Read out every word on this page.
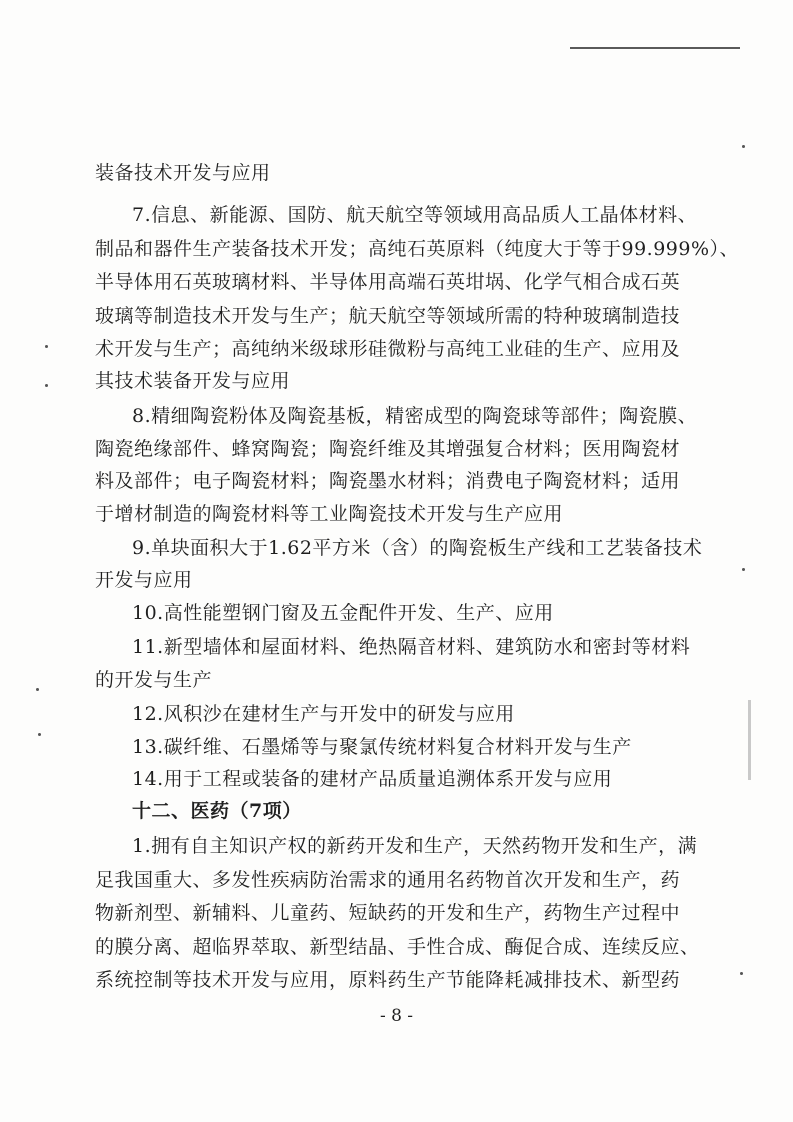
装备技术开发与应用
7.信息、新能源、国防、航天航空等领域用高品质人工晶体材料、
制品和器件生产装备技术开发；高纯石英原料（纯度大于等于99.999%）、
半导体用石英玻璃材料、半导体用高端石英坩埚、化学气相合成石英
玻璃等制造技术开发与生产；航天航空等领域所需的特种玻璃制造技
术开发与生产；高纯纳米级球形硅微粉与高纯工业硅的生产、应用及
其技术装备开发与应用
8.精细陶瓷粉体及陶瓷基板，精密成型的陶瓷球等部件；陶瓷膜、
陶瓷绝缘部件、蜂窝陶瓷；陶瓷纤维及其增强复合材料；医用陶瓷材
料及部件；电子陶瓷材料；陶瓷墨水材料；消费电子陶瓷材料；适用
于增材制造的陶瓷材料等工业陶瓷技术开发与生产应用
9.单块面积大于1.62平方米（含）的陶瓷板生产线和工艺装备技术
开发与应用
10.高性能塑钢门窗及五金配件开发、生产、应用
11.新型墙体和屋面材料、绝热隔音材料、建筑防水和密封等材料
的开发与生产
12.风积沙在建材生产与开发中的研发与应用
13.碳纤维、石墨烯等与聚氯传统材料复合材料开发与生产
14.用于工程或装备的建材产品质量追溯体系开发与应用
十二、医药（7项）
1.拥有自主知识产权的新药开发和生产，天然药物开发和生产，满
足我国重大、多发性疾病防治需求的通用名药物首次开发和生产，药
物新剂型、新辅料、儿童药、短缺药的开发和生产，药物生产过程中
的膜分离、超临界萃取、新型结晶、手性合成、酶促合成、连续反应、
系统控制等技术开发与应用，原料药生产节能降耗减排技术、新型药
- 8 -
